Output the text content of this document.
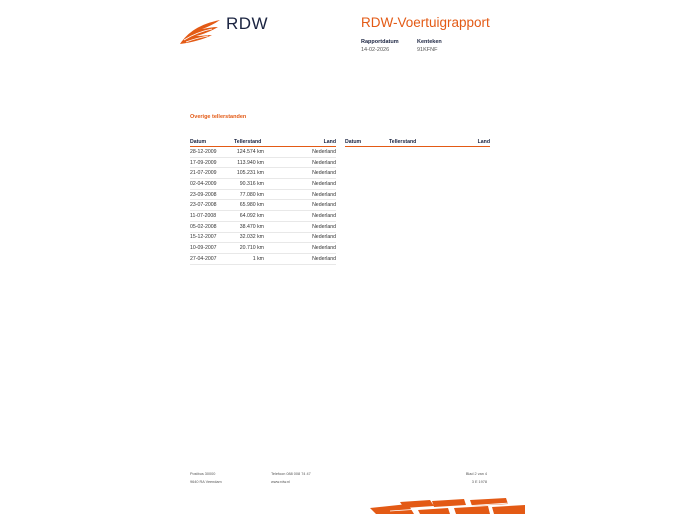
RDW	RDW-Voertuigrapport
Rapportdatum
14-02-2026
Kenteken
91KFNF
Overige tellerstanden
Datum	Tellerstand	Land
28-12-2009	124.574 km	Nederland
17-09-2009	113.940 km	Nederland
21-07-2009	105.231 km	Nederland
02-04-2009	90.316 km	Nederland
23-09-2008	77.080 km	Nederland
23-07-2008	65.980 km	Nederland
11-07-2008	64.092 km	Nederland
05-02-2008	38.470 km	Nederland
15-12-2007	32.032 km	Nederland
10-09-2007	20.710 km	Nederland
27-04-2007	1 km	Nederland
Datum	Tellerstand	Land
Postbus 30000
9640 RA Veendam
Telefoon 088 008 74 47
www.rdw.nl
Blad 2 van 4
3 E 1978
